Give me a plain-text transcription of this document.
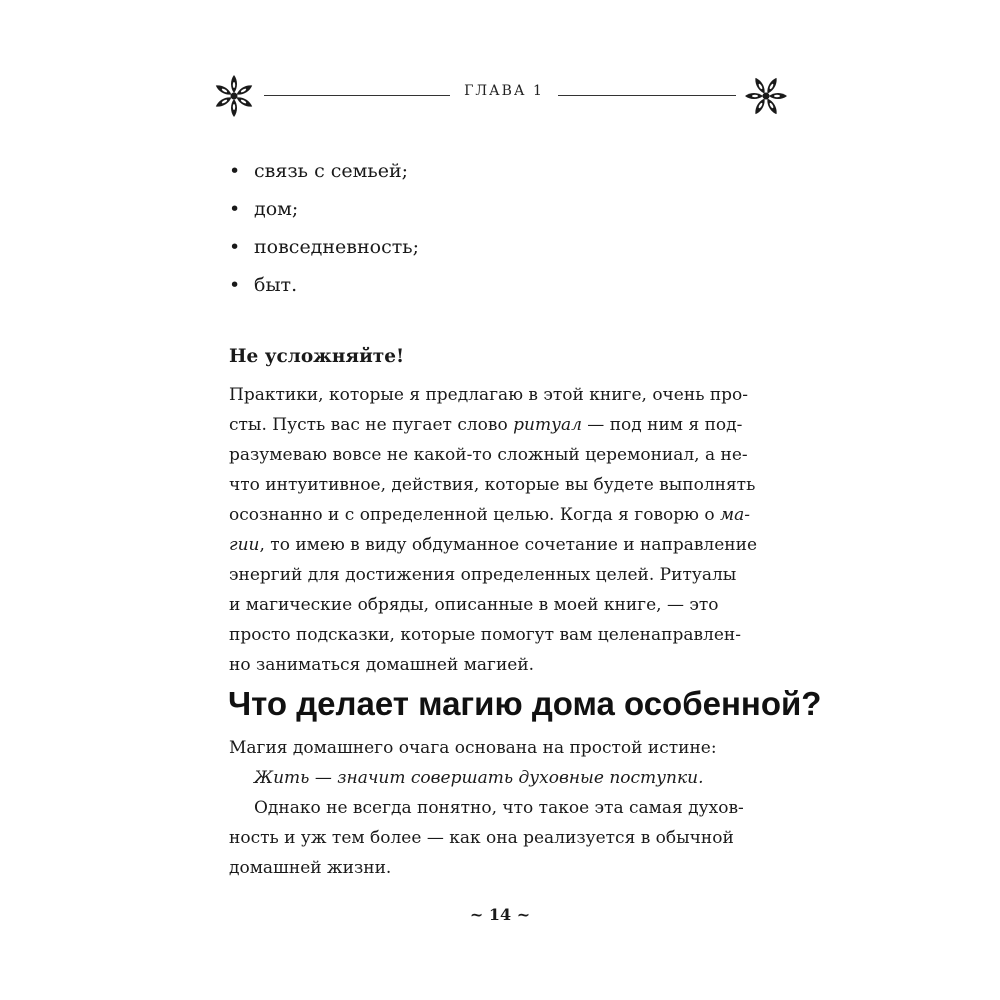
ГЛАВА 1
• связь с семьей;
• дом;
• повседневность;
• быт.
Не усложняйте!
Практики, которые я предлагаю в этой книге, очень про-
сты. Пусть вас не пугает слово ритуал — под ним я под-
разумеваю вовсе не какой-то сложный церемониал, а не-
что интуитивное, действия, которые вы будете выполнять
осознанно и с определенной целью. Когда я говорю о ма-
гии, то имею в виду обдуманное сочетание и направление
энергий для достижения определенных целей. Ритуалы
и магические обряды, описанные в моей книге, — это
просто подсказки, которые помогут вам целенаправлен-
но заниматься домашней магией.
Что делает магию дома особенной?
Магия домашнего очага основана на простой истине:
Жить — значит совершать духовные поступки.
Однако не всегда понятно, что такое эта самая духов-
ность и уж тем более — как она реализуется в обычной
домашней жизни.
~ 14 ~
